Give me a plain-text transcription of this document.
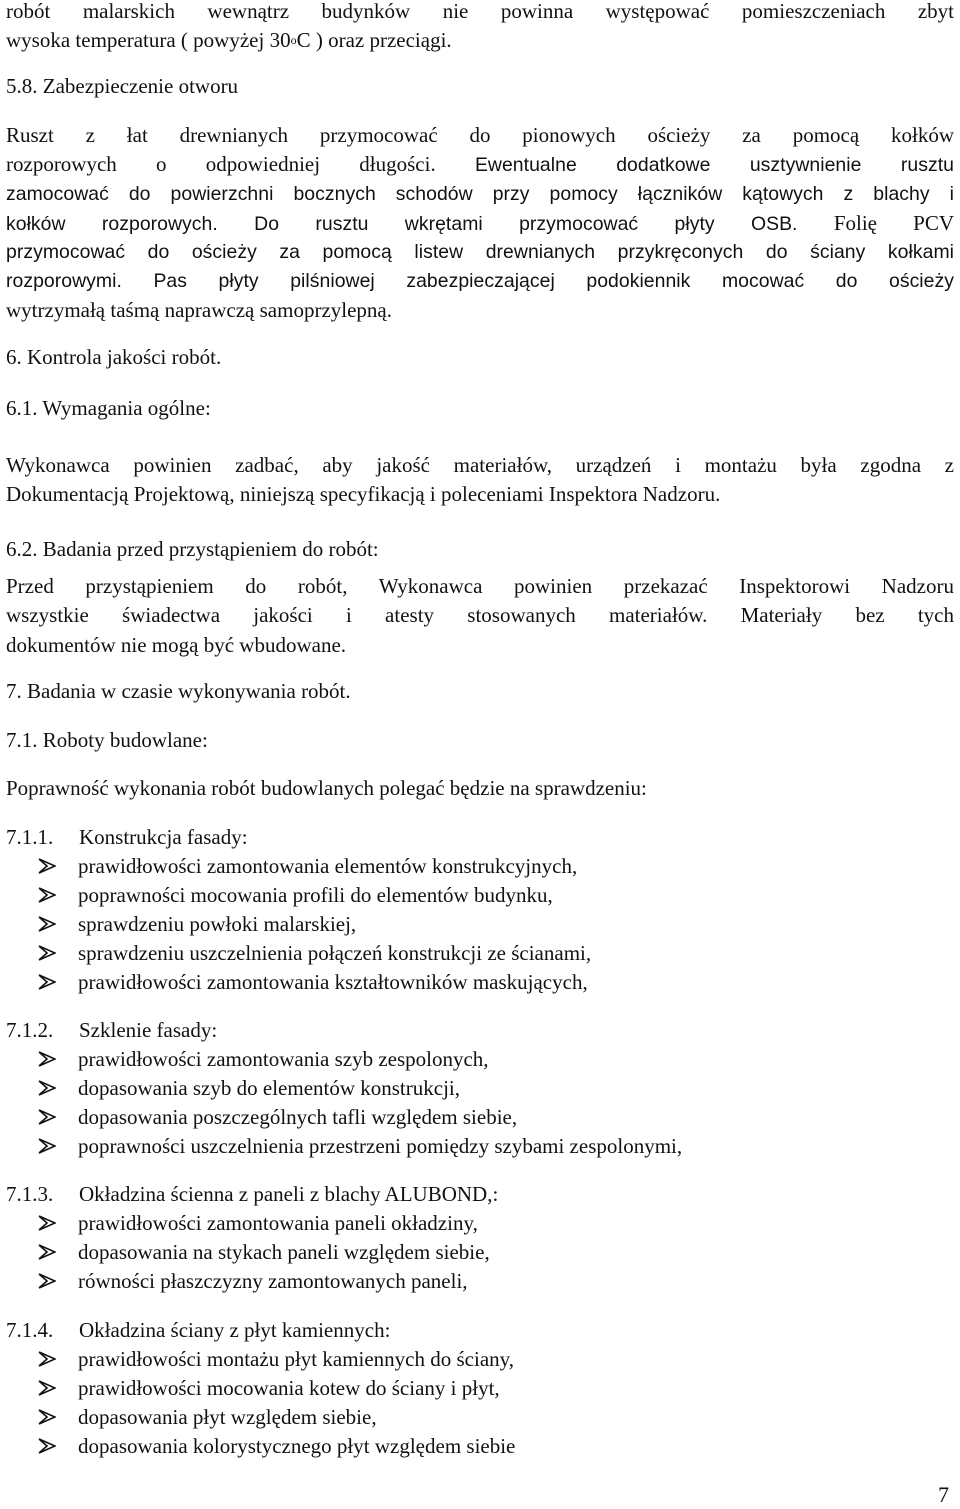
robót malarskich wewnątrz budynków nie powinna występować pomieszczeniach zbyt
wysoka temperatura ( powyżej 30$^o$C ) oraz przeciągi.
5.8. Zabezpieczenie otworu
Ruszt z łat drewnianych przymocować do pionowych ościeży za pomocą kołków
rozporowych o odpowiedniej długości. Ewentualne dodatkowe usztywnienie rusztu
zamocować do powierzchni bocznych schodów przy pomocy łączników kątowych z blachy i
kołków rozporowych. Do rusztu wkrętami przymocować płyty OSB. Folię PCV
przymocować do ościeży za pomocą listew drewnianych przykręconych do ściany kołkami
rozporowymi. Pas płyty pilśniowej zabezpieczającej podokiennik mocować do ościeży
wytrzymałą taśmą naprawczą samoprzylepną.
6. Kontrola jakości robót.
6.1. Wymagania ogólne:
Wykonawca powinien zadbać, aby jakość materiałów, urządzeń i montażu była zgodna z
Dokumentacją Projektową, niniejszą specyfikacją i poleceniami Inspektora Nadzoru.
6.2. Badania przed przystąpieniem do robót:
Przed przystąpieniem do robót, Wykonawca powinien przekazać Inspektorowi Nadzoru
wszystkie świadectwa jakości i atesty stosowanych materiałów. Materiały bez tych
dokumentów nie mogą być wbudowane.
7. Badania w czasie wykonywania robót.
7.1. Roboty budowlane:
Poprawność wykonania robót budowlanych polegać będzie na sprawdzeniu:
7.1.1. Konstrukcja fasady:
prawidłowości zamontowania elementów konstrukcyjnych,
poprawności mocowania profili do elementów budynku,
sprawdzeniu powłoki malarskiej,
sprawdzeniu uszczelnienia połączeń konstrukcji ze ścianami,
prawidłowości zamontowania kształtowników maskujących,
7.1.2. Szklenie fasady:
prawidłowości zamontowania szyb zespolonych,
dopasowania szyb do elementów konstrukcji,
dopasowania poszczególnych tafli względem siebie,
poprawności uszczelnienia przestrzeni pomiędzy szybami zespolonymi,
7.1.3. Okładzina ścienna z paneli z blachy ALUBOND,:
prawidłowości zamontowania paneli okładziny,
dopasowania na stykach paneli względem siebie,
równości płaszczyzny zamontowanych paneli,
7.1.4. Okładzina ściany z płyt kamiennych:
prawidłowości montażu płyt kamiennych do ściany,
prawidłowości mocowania kotew do ściany i płyt,
dopasowania płyt względem siebie,
dopasowania kolorystycznego płyt względem siebie
7
